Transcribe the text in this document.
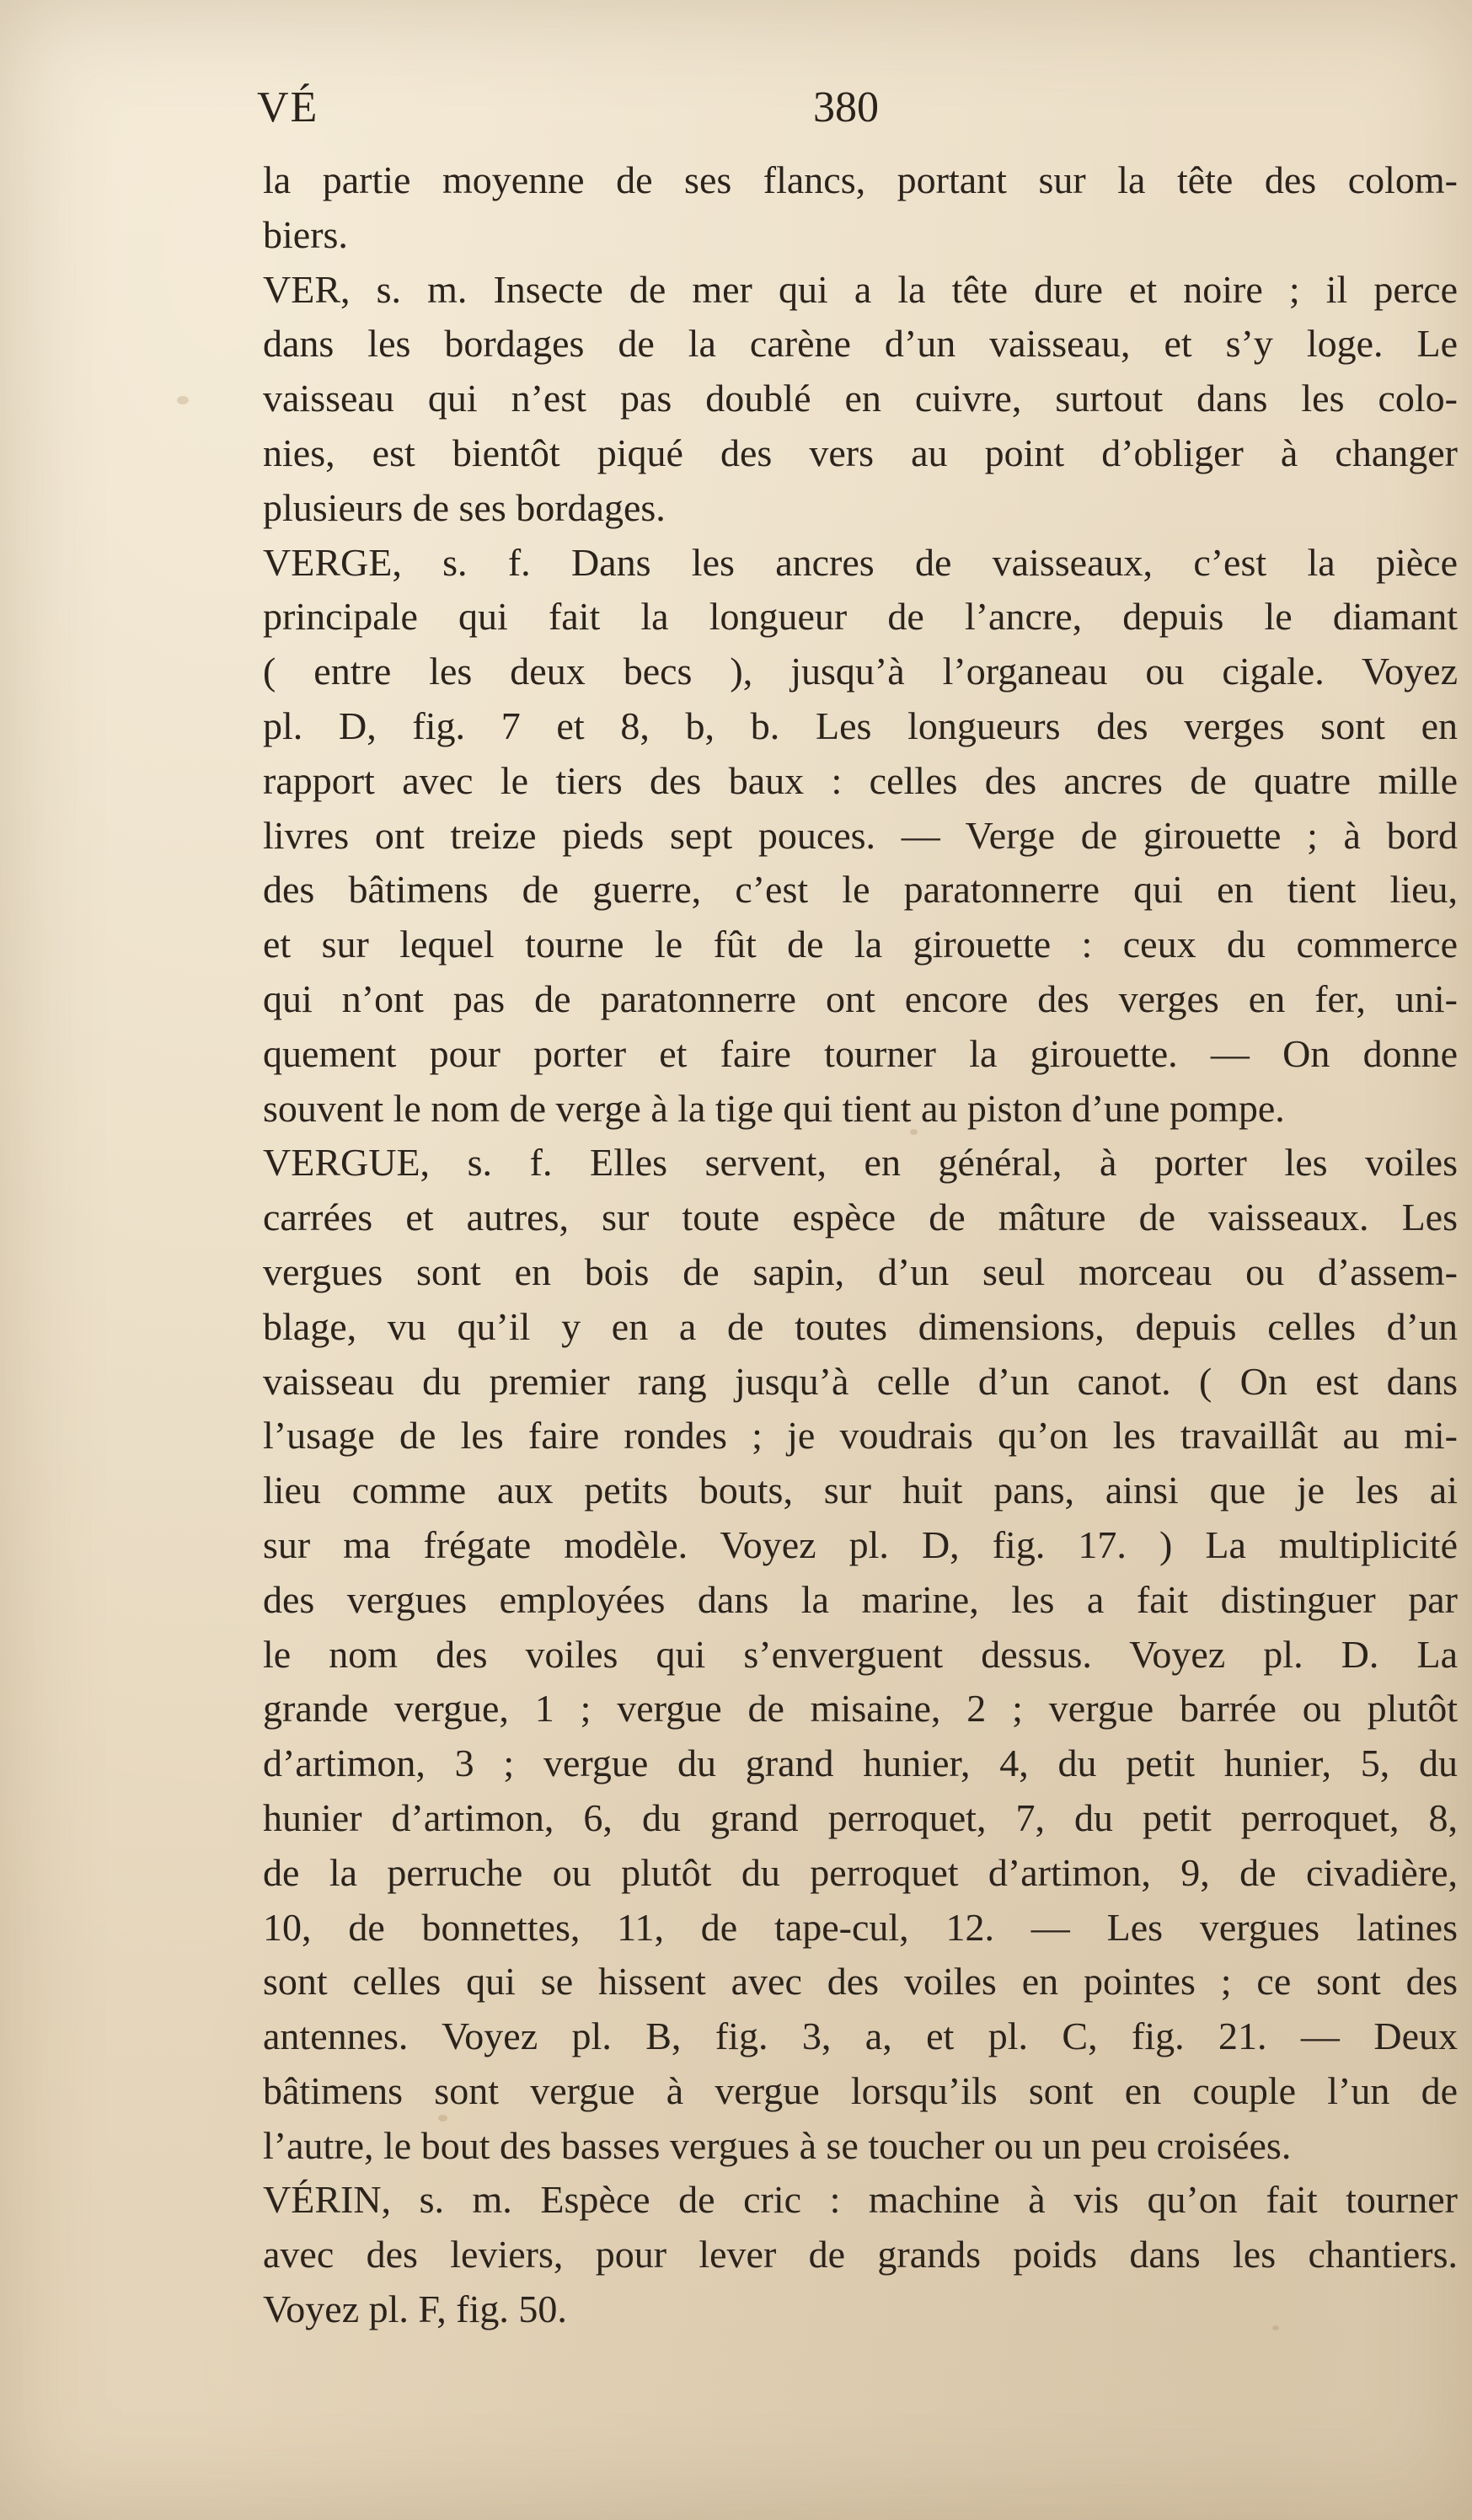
VÉ	380
la partie moyenne de ses flancs, portant sur la tête des colom-
biers.
VER, s. m. Insecte de mer qui a la tête dure et noire ; il perce
dans les bordages de la carène d’un vaisseau, et s’y loge. Le
vaisseau qui n’est pas doublé en cuivre, surtout dans les colo-
nies, est bientôt piqué des vers au point d’obliger à changer
plusieurs de ses bordages.
VERGE, s. f. Dans les ancres de vaisseaux, c’est la pièce
principale qui fait la longueur de l’ancre, depuis le diamant
( entre les deux becs ), jusqu’à l’organeau ou cigale. Voyez
pl. D, fig. 7 et 8, b, b. Les longueurs des verges sont en
rapport avec le tiers des baux : celles des ancres de quatre mille
livres ont treize pieds sept pouces. — Verge de girouette ; à bord
des bâtimens de guerre, c’est le paratonnerre qui en tient lieu,
et sur lequel tourne le fût de la girouette : ceux du commerce
qui n’ont pas de paratonnerre ont encore des verges en fer, uni-
quement pour porter et faire tourner la girouette. — On donne
souvent le nom de verge à la tige qui tient au piston d’une pompe.
VERGUE, s. f. Elles servent, en général, à porter les voiles
carrées et autres, sur toute espèce de mâture de vaisseaux. Les
vergues sont en bois de sapin, d’un seul morceau ou d’assem-
blage, vu qu’il y en a de toutes dimensions, depuis celles d’un
vaisseau du premier rang jusqu’à celle d’un canot. ( On est dans
l’usage de les faire rondes ; je voudrais qu’on les travaillât au mi-
lieu comme aux petits bouts, sur huit pans, ainsi que je les ai
sur ma frégate modèle. Voyez pl. D, fig. 17. ) La multiplicité
des vergues employées dans la marine, les a fait distinguer par
le nom des voiles qui s’enverguent dessus. Voyez pl. D. La
grande vergue, 1 ; vergue de misaine, 2 ; vergue barrée ou plutôt
d’artimon, 3 ; vergue du grand hunier, 4, du petit hunier, 5, du
hunier d’artimon, 6, du grand perroquet, 7, du petit perroquet, 8,
de la perruche ou plutôt du perroquet d’artimon, 9, de civadière,
10, de bonnettes, 11, de tape-cul, 12. — Les vergues latines
sont celles qui se hissent avec des voiles en pointes ; ce sont des
antennes. Voyez pl. B, fig. 3, a, et pl. C, fig. 21. — Deux
bâtimens sont vergue à vergue lorsqu’ils sont en couple l’un de
l’autre, le bout des basses vergues à se toucher ou un peu croisées.
VÉRIN, s. m. Espèce de cric : machine à vis qu’on fait tourner
avec des leviers, pour lever de grands poids dans les chantiers.
Voyez pl. F, fig. 50.
